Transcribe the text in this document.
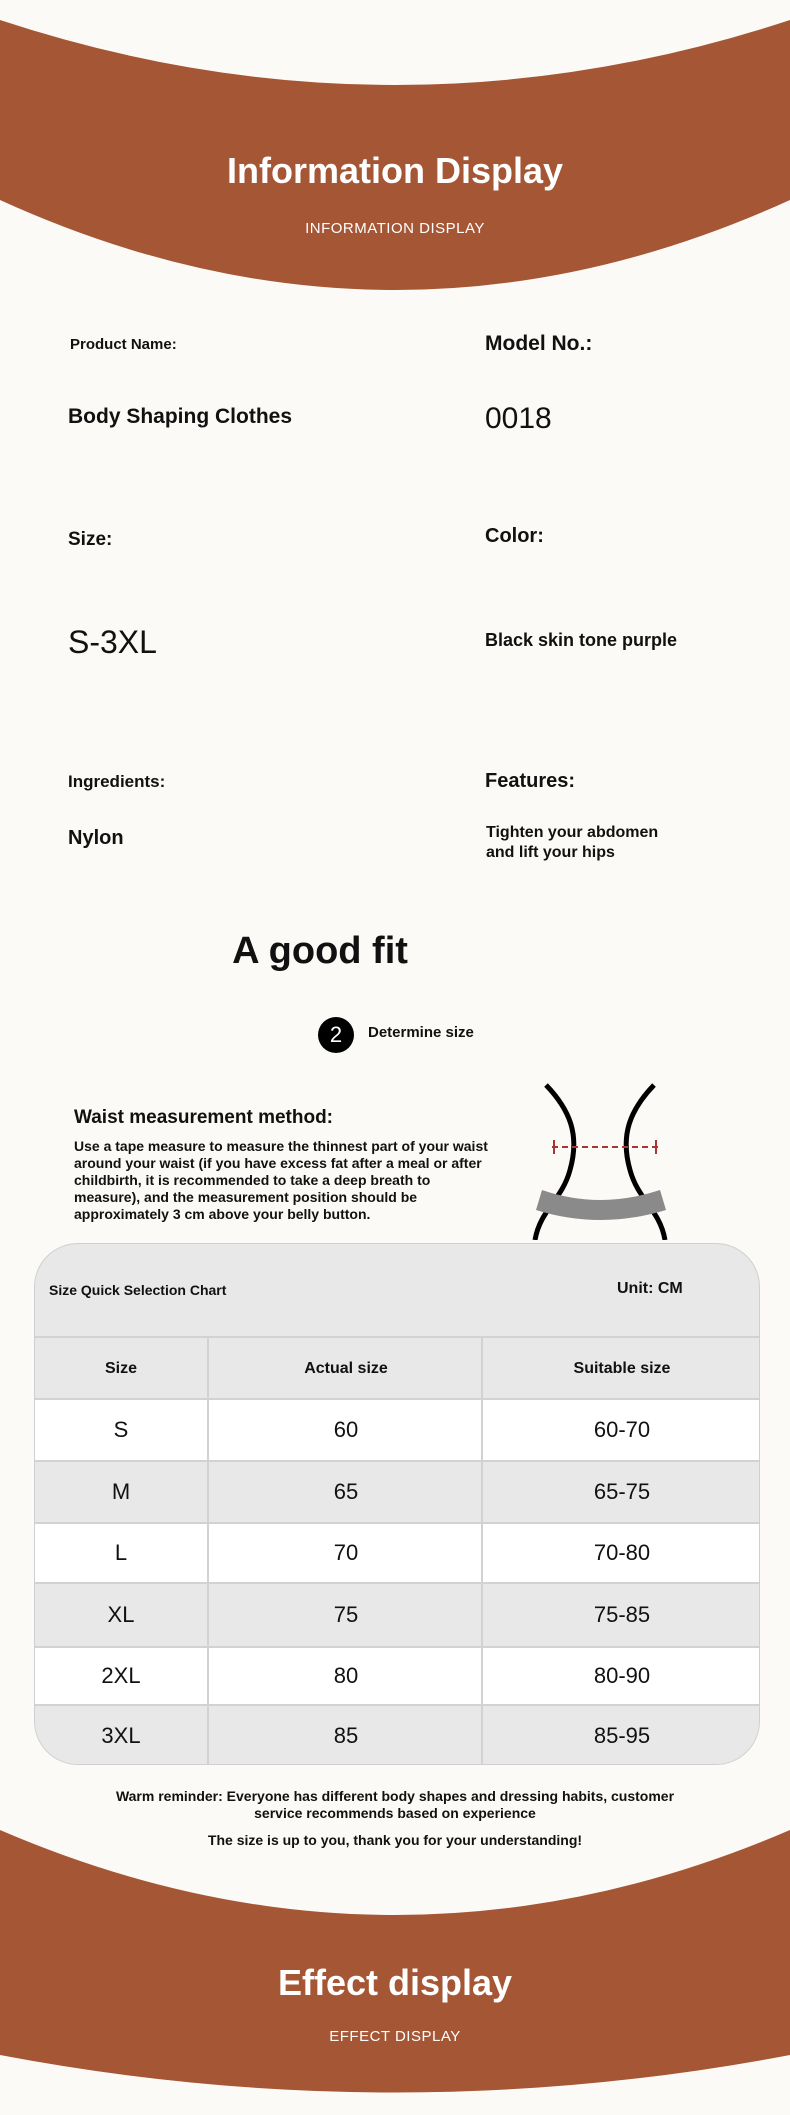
Information Display
INFORMATION DISPLAY
Product Name:	Model No.:
Body Shaping Clothes	0018
Size:	Color:
S-3XL	Black skin tone purple
Ingredients:	Features:
Nylon	Tighten your abdomen
and lift your hips
A good fit
2	Determine size
Waist measurement method:
Use a tape measure to measure the thinnest part of your waist
around your waist (if you have excess fat after a meal or after
childbirth, it is recommended to take a deep breath to
measure), and the measurement position should be
approximately 3 cm above your belly button.
Size Quick Selection Chart	Unit: CM
Size	Actual size	Suitable size
S	60	60-70
M	65	65-75
L	70	70-80
XL	75	75-85
2XL	80	80-90
3XL	85	85-95
Warm reminder: Everyone has different body shapes and dressing habits, customer
service recommends based on experience
The size is up to you, thank you for your understanding!
Effect display
EFFECT DISPLAY
